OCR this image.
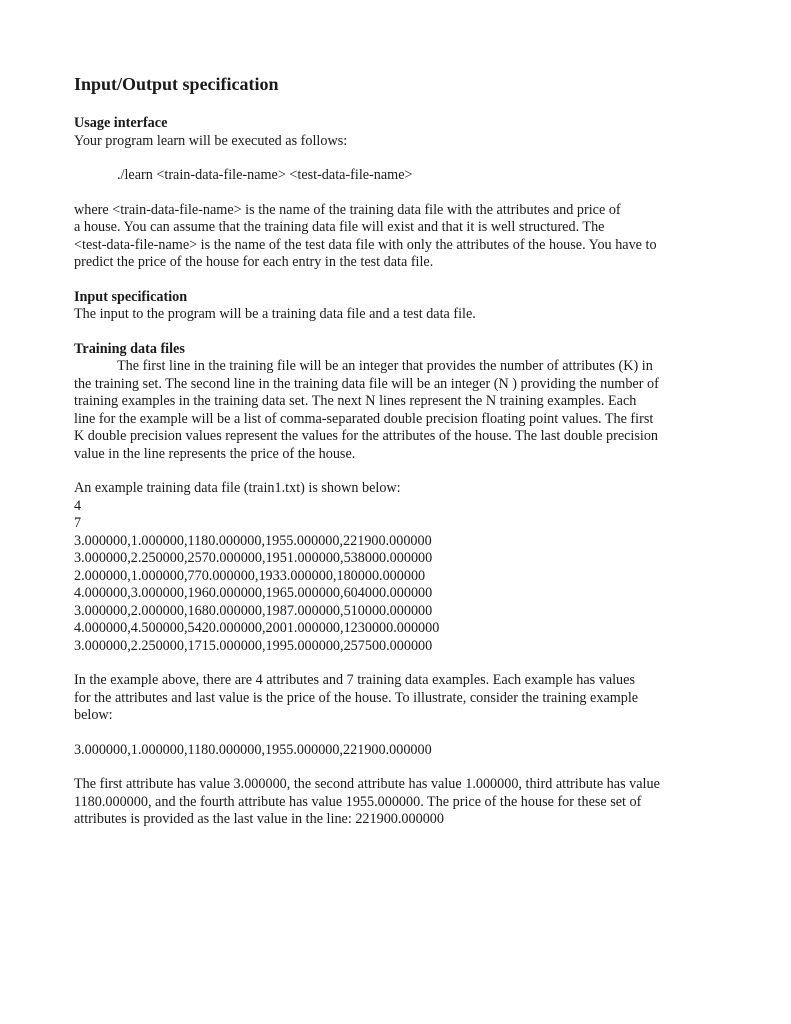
Input/Output specification
Usage interface
Your program learn will be executed as follows:
./learn <train-data-file-name> <test-data-file-name>
where <train-data-file-name> is the name of the training data file with the attributes and price of
a house. You can assume that the training data file will exist and that it is well structured. The
<test-data-file-name> is the name of the test data file with only the attributes of the house. You have to
predict the price of the house for each entry in the test data file.
Input specification
The input to the program will be a training data file and a test data file.
Training data files
The first line in the training file will be an integer that provides the number of attributes (K) in
the training set. The second line in the training data file will be an integer (N ) providing the number of
training examples in the training data set. The next N lines represent the N training examples. Each
line for the example will be a list of comma-separated double precision floating point values. The first
K double precision values represent the values for the attributes of the house. The last double precision
value in the line represents the price of the house.
An example training data file (train1.txt) is shown below:
4
7
3.000000,1.000000,1180.000000,1955.000000,221900.000000
3.000000,2.250000,2570.000000,1951.000000,538000.000000
2.000000,1.000000,770.000000,1933.000000,180000.000000
4.000000,3.000000,1960.000000,1965.000000,604000.000000
3.000000,2.000000,1680.000000,1987.000000,510000.000000
4.000000,4.500000,5420.000000,2001.000000,1230000.000000
3.000000,2.250000,1715.000000,1995.000000,257500.000000
In the example above, there are 4 attributes and 7 training data examples. Each example has values
for the attributes and last value is the price of the house. To illustrate, consider the training example
below:
3.000000,1.000000,1180.000000,1955.000000,221900.000000
The first attribute has value 3.000000, the second attribute has value 1.000000, third attribute has value
1180.000000, and the fourth attribute has value 1955.000000. The price of the house for these set of
attributes is provided as the last value in the line: 221900.000000
